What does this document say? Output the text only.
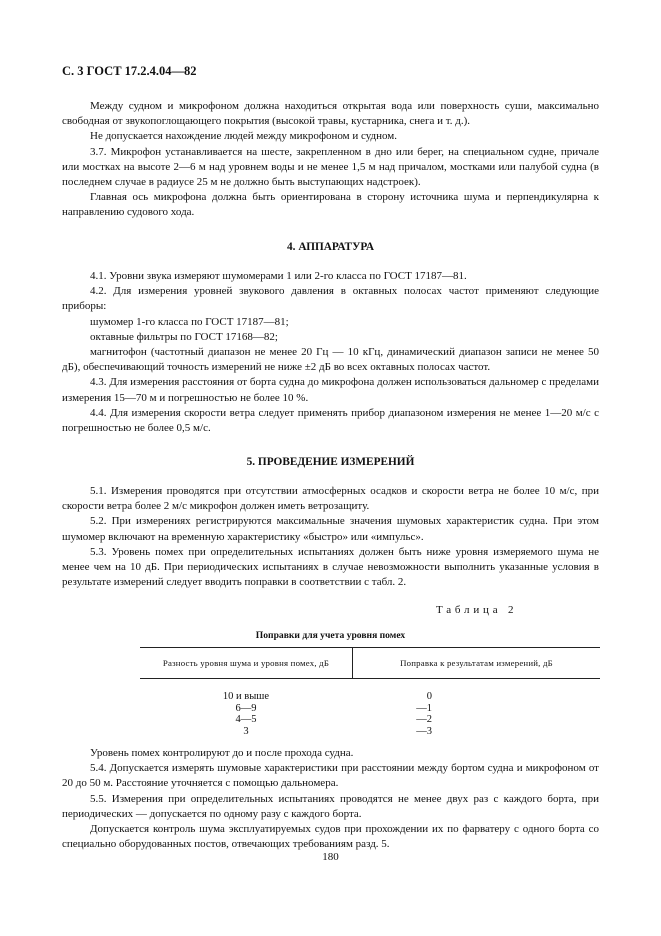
С. 3 ГОСТ 17.2.4.04—82

Между судном и микрофоном должна находиться открытая вода или поверхность суши, максимально свободная от звукопоглощающего покрытия (высокой травы, кустарника, снега и т. д.).

Не допускается нахождение людей между микрофоном и судном.

3.7. Микрофон устанавливается на шесте, закрепленном в дно или берег, на специальном судне, причале или мостках на высоте 2—6 м над уровнем воды и не менее 1,5 м над причалом, мостками или палубой судна (в последнем случае в радиусе 25 м не должно быть выступающих надстроек).

Главная ось микрофона должна быть ориентирована в сторону источника шума и перпендикулярна к направлению судового хода.

4. АППАРАТУРА

4.1. Уровни звука измеряют шумомерами 1 или 2-го класса по ГОСТ 17187—81.

4.2. Для измерения уровней звукового давления в октавных полосах частот применяют следующие приборы:

шумомер 1-го класса по ГОСТ 17187—81;

октавные фильтры по ГОСТ 17168—82;

магнитофон (частотный диапазон не менее 20 Гц — 10 кГц, динамический диапазон записи не менее 50 дБ), обеспечивающий точность измерений не ниже ±2 дБ во всех октавных полосах частот.

4.3. Для измерения расстояния от борта судна до микрофона должен использоваться дальномер с пределами измерения 15—70 м и погрешностью не более 10 %.

4.4. Для измерения скорости ветра следует применять прибор диапазоном измерения не менее 1—20 м/с с погрешностью не более 0,5 м/с.

5. ПРОВЕДЕНИЕ ИЗМЕРЕНИЙ

5.1. Измерения проводятся при отсутствии атмосферных осадков и скорости ветра не более 10 м/с, при скорости ветра более 2 м/с микрофон должен иметь ветрозащиту.

5.2. При измерениях регистрируются максимальные значения шумовых характеристик судна. При этом шумомер включают на временную характеристику «быстро» или «импульс».

5.3. Уровень помех при определительных испытаниях должен быть ниже уровня измеряемого шума не менее чем на 10 дБ. При периодических испытаниях в случае невозможности выполнить указанные условия в результате измерений следует вводить поправки в соответствии с табл. 2.

Таблица 2
Поправки для учета уровня помех
Разность уровня шума и уровня помех, дБ	Поправка к результатам измерений, дБ
10 и выше	0
6—9	—1
4—5	—2
3	—3

Уровень помех контролируют до и после прохода судна.

5.4. Допускается измерять шумовые характеристики при расстоянии между бортом судна и микрофоном от 20 до 50 м. Расстояние уточняется с помощью дальномера.

5.5. Измерения при определительных испытаниях проводятся не менее двух раз с каждого борта, при периодических — допускается по одному разу с каждого борта.

Допускается контроль шума эксплуатируемых судов при прохождении их по фарватеру с одного борта со специально оборудованных постов, отвечающих требованиям разд. 5.

180
